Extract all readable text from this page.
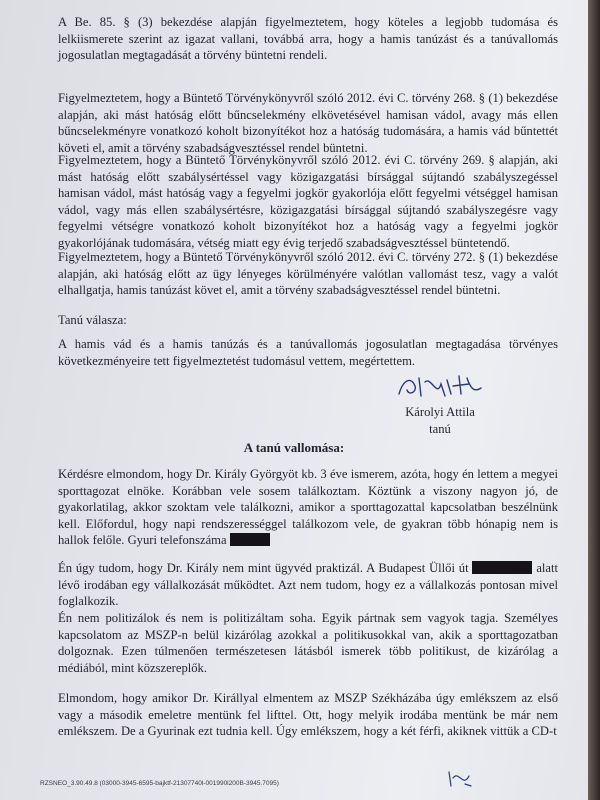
A Be. 85. § (3) bekezdése alapján figyelmeztetem, hogy köteles a legjobb tudomása és lelkiismerete szerint az igazat vallani, továbbá arra, hogy a hamis tanúzást és a tanúvallomás jogosulatlan megtagadását a törvény büntetni rendeli.

Figyelmeztetem, hogy a Büntető Törvénykönyvről szóló 2012. évi C. törvény 268. § (1) bekezdése alapján, aki mást hatóság előtt bűncselekmény elkövetésével hamisan vádol, avagy más ellen bűncselekményre vonatkozó koholt bizonyítékot hoz a hatóság tudomására, a hamis vád bűntettét követi el, amit a törvény szabadságvesztéssel rendel büntetni.

Figyelmeztetem, hogy a Büntető Törvénykönyvről szóló 2012. évi C. törvény 269. § alapján, aki mást hatóság előtt szabálysértéssel vagy közigazgatási bírsággal sújtandó szabályszegéssel hamisan vádol, mást hatóság vagy a fegyelmi jogkör gyakorlója előtt fegyelmi vétséggel hamisan vádol, vagy más ellen szabálysértésre, közigazgatási bírsággal sújtandó szabályszegésre vagy fegyelmi vétségre vonatkozó koholt bizonyítékot hoz a hatóság vagy a fegyelmi jogkör gyakorlójának tudomására, vétség miatt egy évig terjedő szabadságvesztéssel büntetendő.

Figyelmeztetem, hogy a Büntető Törvénykönyvről szóló 2012. évi C. törvény 272. § (1) bekezdése alapján, aki hatóság előtt az ügy lényeges körülményére valótlan vallomást tesz, vagy a valót elhallgatja, hamis tanúzást követ el, amit a törvény szabadságvesztéssel rendel büntetni.

Tanú válasza:

A hamis vád és a hamis tanúzás és a tanúvallomás jogosulatlan megtagadása törvényes következményeire tett figyelmeztetést tudomásul vettem, megértettem.

Károlyi Attila
tanú
A tanú vallomása:

Kérdésre elmondom, hogy Dr. Király Györgyöt kb. 3 éve ismerem, azóta, hogy én lettem a megyei sporttagozat elnöke. Korábban vele sosem találkoztam. Köztünk a viszony nagyon jó, de gyakorlatilag, akkor szoktam vele találkozni, amikor a sporttagozattal kapcsolatban beszélnünk kell. Előfordul, hogy napi rendszerességgel találkozom vele, de gyakran több hónapig nem is hallok felőle. Gyuri telefonszáma

Én úgy tudom, hogy Dr. Király nem mint ügyvéd praktizál. A Budapest Üllői út	alatt lévő irodában egy vállalkozását működtet. Azt nem tudom, hogy ez a vállalkozás pontosan mivel foglalkozik.

Én nem politizálok és nem is politizáltam soha. Egyik pártnak sem vagyok tagja. Személyes kapcsolatom az MSZP-n belül kizárólag azokkal a politikusokkal van, akik a sporttagozatban dolgoznak. Ezen túlmenően természetesen látásból ismerek több politikust, de kizárólag a médiából, mint közszereplők.

Elmondom, hogy amikor Dr. Királlyal elmentem az MSZP Székházába úgy emlékszem az első vagy a második emeletre mentünk fel lifttel. Ott, hogy melyik irodába mentünk be már nem emlékszem. De a Gyurinak ezt tudnia kell. Úgy emlékszem, hogy a két férfi, akiknek vittük a CD-t

RZSNEO_3.90.49.8 (03000-3945-6595-bajktf-21307740l-001990l200B-3945.7095)
